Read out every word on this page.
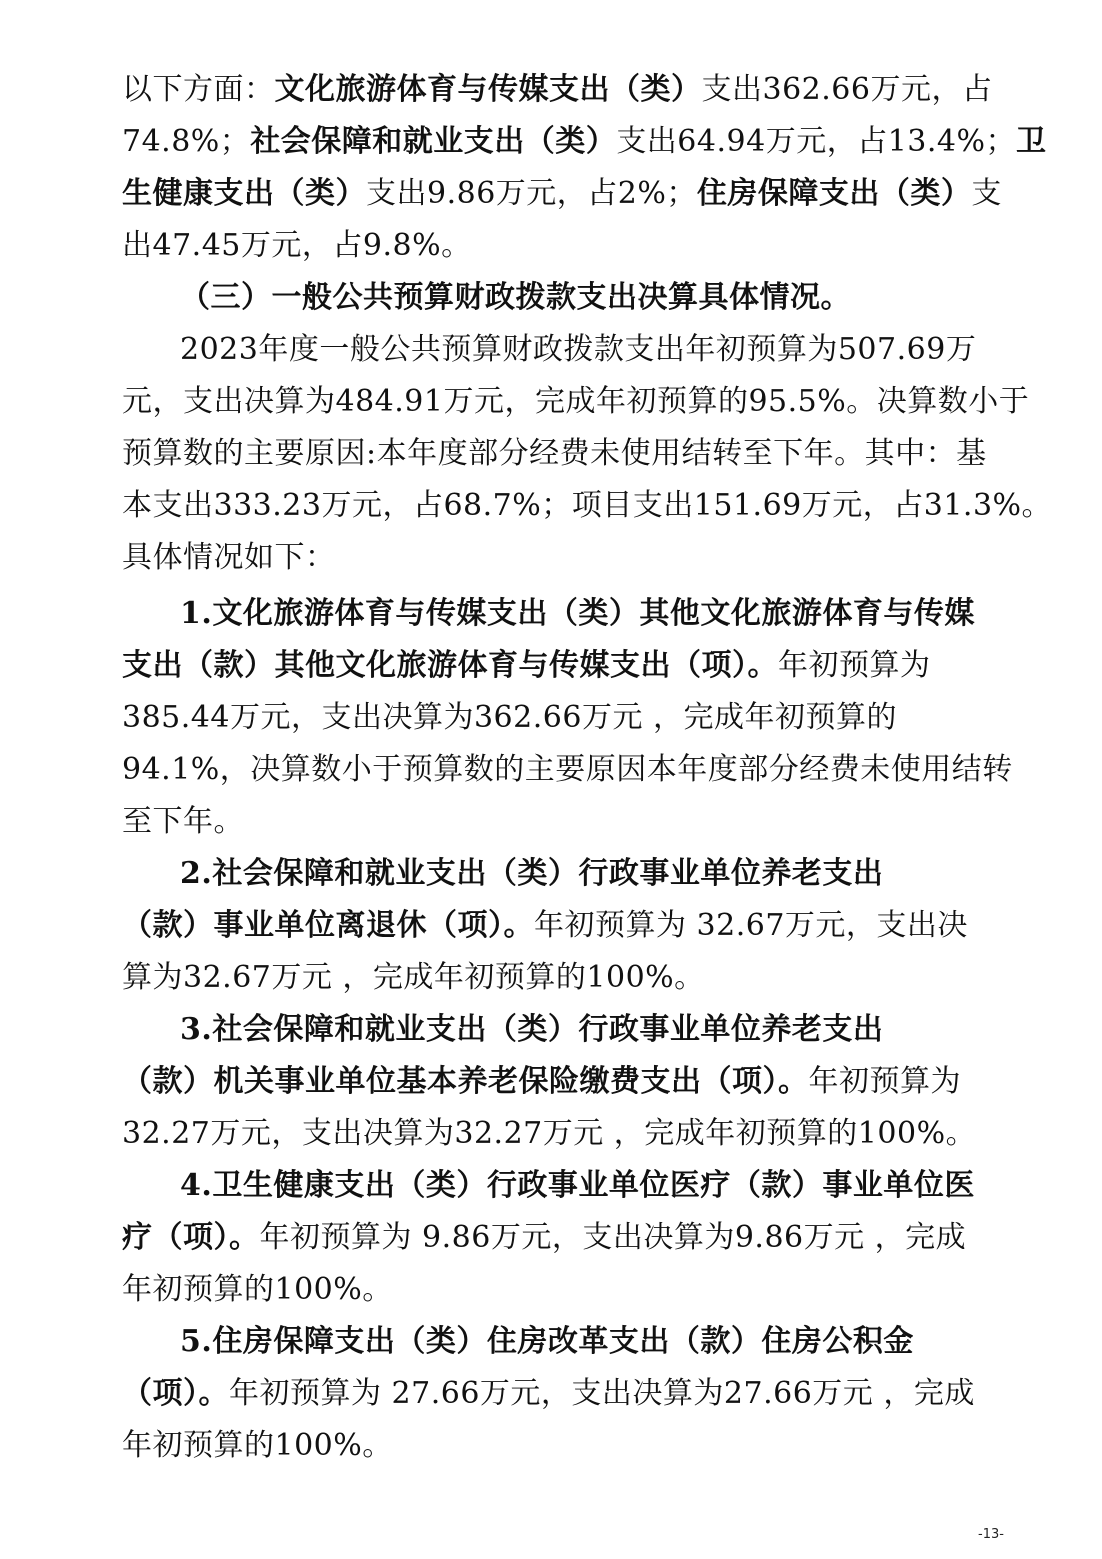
以下方面：文化旅游体育与传媒支出（类）支出362.66万元，占
74.8%；社会保障和就业支出（类）支出64.94万元，占13.4%；卫
生健康支出（类）支出9.86万元，占2%；住房保障支出（类）支
出47.45万元，占9.8%。
（三）一般公共预算财政拨款支出决算具体情况。
2023年度一般公共预算财政拨款支出年初预算为507.69万
元，支出决算为484.91万元，完成年初预算的95.5%。决算数小于
预算数的主要原因:本年度部分经费未使用结转至下年。其中：基
本支出333.23万元，占68.7%；项目支出151.69万元，占31.3%。
具体情况如下：
1.文化旅游体育与传媒支出（类）其他文化旅游体育与传媒
支出（款）其他文化旅游体育与传媒支出（项）。年初预算为
385.44万元，支出决算为362.66万元 ，完成年初预算的
94.1%，决算数小于预算数的主要原因本年度部分经费未使用结转
至下年。
2.社会保障和就业支出（类）行政事业单位养老支出
（款）事业单位离退休（项）。年初预算为 32.67万元，支出决
算为32.67万元 ，完成年初预算的100%。
3.社会保障和就业支出（类）行政事业单位养老支出
（款）机关事业单位基本养老保险缴费支出（项）。年初预算为
32.27万元，支出决算为32.27万元 ，完成年初预算的100%。
4.卫生健康支出（类）行政事业单位医疗（款）事业单位医
疗（项）。年初预算为 9.86万元，支出决算为9.86万元 ，完成
年初预算的100%。
5.住房保障支出（类）住房改革支出（款）住房公积金
（项）。年初预算为 27.66万元，支出决算为27.66万元 ，完成
年初预算的100%。
-13-
